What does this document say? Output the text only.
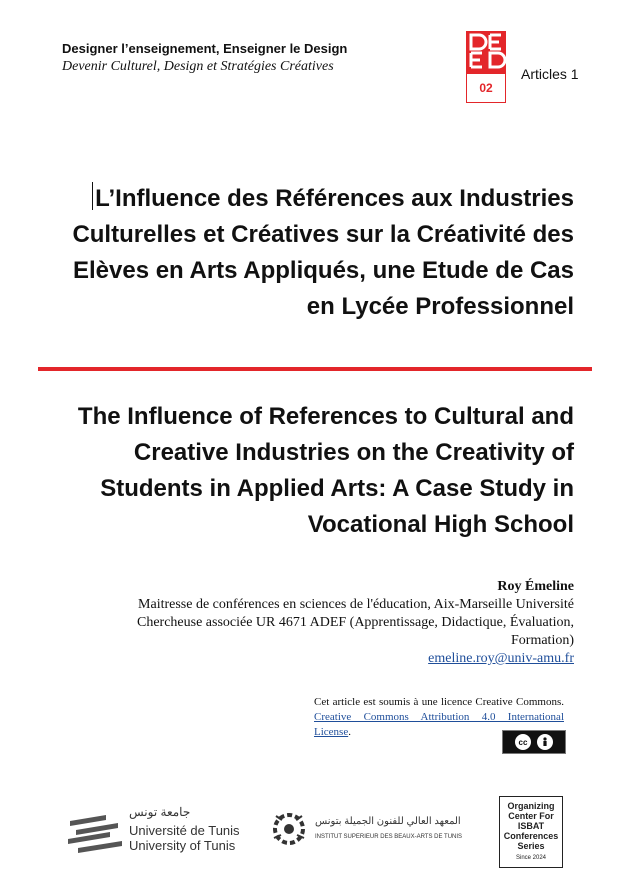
Designer l’enseignement, Enseigner le Design
Devenir Culturel, Design et Stratégies Créatives
02
Articles 1
L’Influence des Références aux Industries Culturelles et Créatives sur la Créativité des Elèves en Arts Appliqués, une Etude de Cas en Lycée Professionnel
The Influence of References to Cultural and Creative Industries on the Creativity of Students in Applied Arts: A Case Study in Vocational High School
Roy Émeline
Maitresse de conférences en sciences de l'éducation, Aix-Marseille Université
Chercheuse associée UR 4671 ADEF (Apprentissage, Didactique, Évaluation,
Formation)
emeline.roy@univ-amu.fr
Cet article est soumis à une licence Creative Commons. Creative Commons Attribution 4.0 International License.
cc
جامعة تونس
Université de Tunis
University of Tunis
المعهد العالي للفنون الجميلة بتونس
INSTITUT SUPERIEUR DES BEAUX-ARTS DE TUNIS
Organizing
Center For
ISBAT
Conferences
Series
Since 2024
